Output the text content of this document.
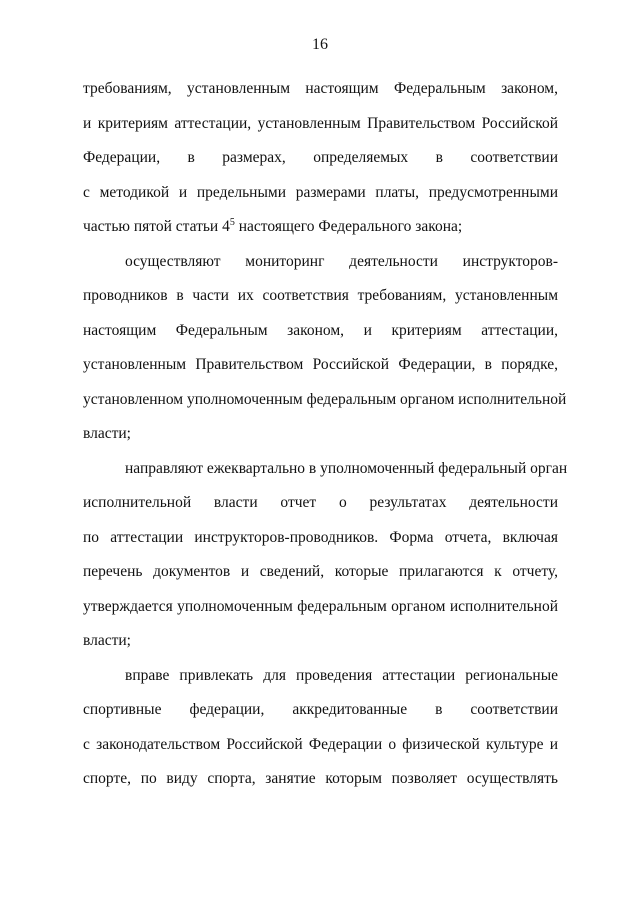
16
требованиям, установленным настоящим Федеральным законом,
и критериям аттестации, установленным Правительством Российской
Федерации, в размерах, определяемых в соответствии
с методикой и предельными размерами платы, предусмотренными
частью пятой статьи $4^5$ настоящего Федерального закона;
осуществляют мониторинг деятельности инструкторов-
проводников в части их соответствия требованиям, установленным
настоящим Федеральным законом, и критериям аттестации,
установленным Правительством Российской Федерации, в порядке,
установленном уполномоченным федеральным органом исполнительной
власти;
направляют ежеквартально в уполномоченный федеральный орган
исполнительной власти отчет о результатах деятельности
по аттестации инструкторов-проводников. Форма отчета, включая
перечень документов и сведений, которые прилагаются к отчету,
утверждается уполномоченным федеральным органом исполнительной
власти;
вправе привлекать для проведения аттестации региональные
спортивные федерации, аккредитованные в соответствии
с законодательством Российской Федерации о физической культуре и
спорте, по виду спорта, занятие которым позволяет осуществлять
